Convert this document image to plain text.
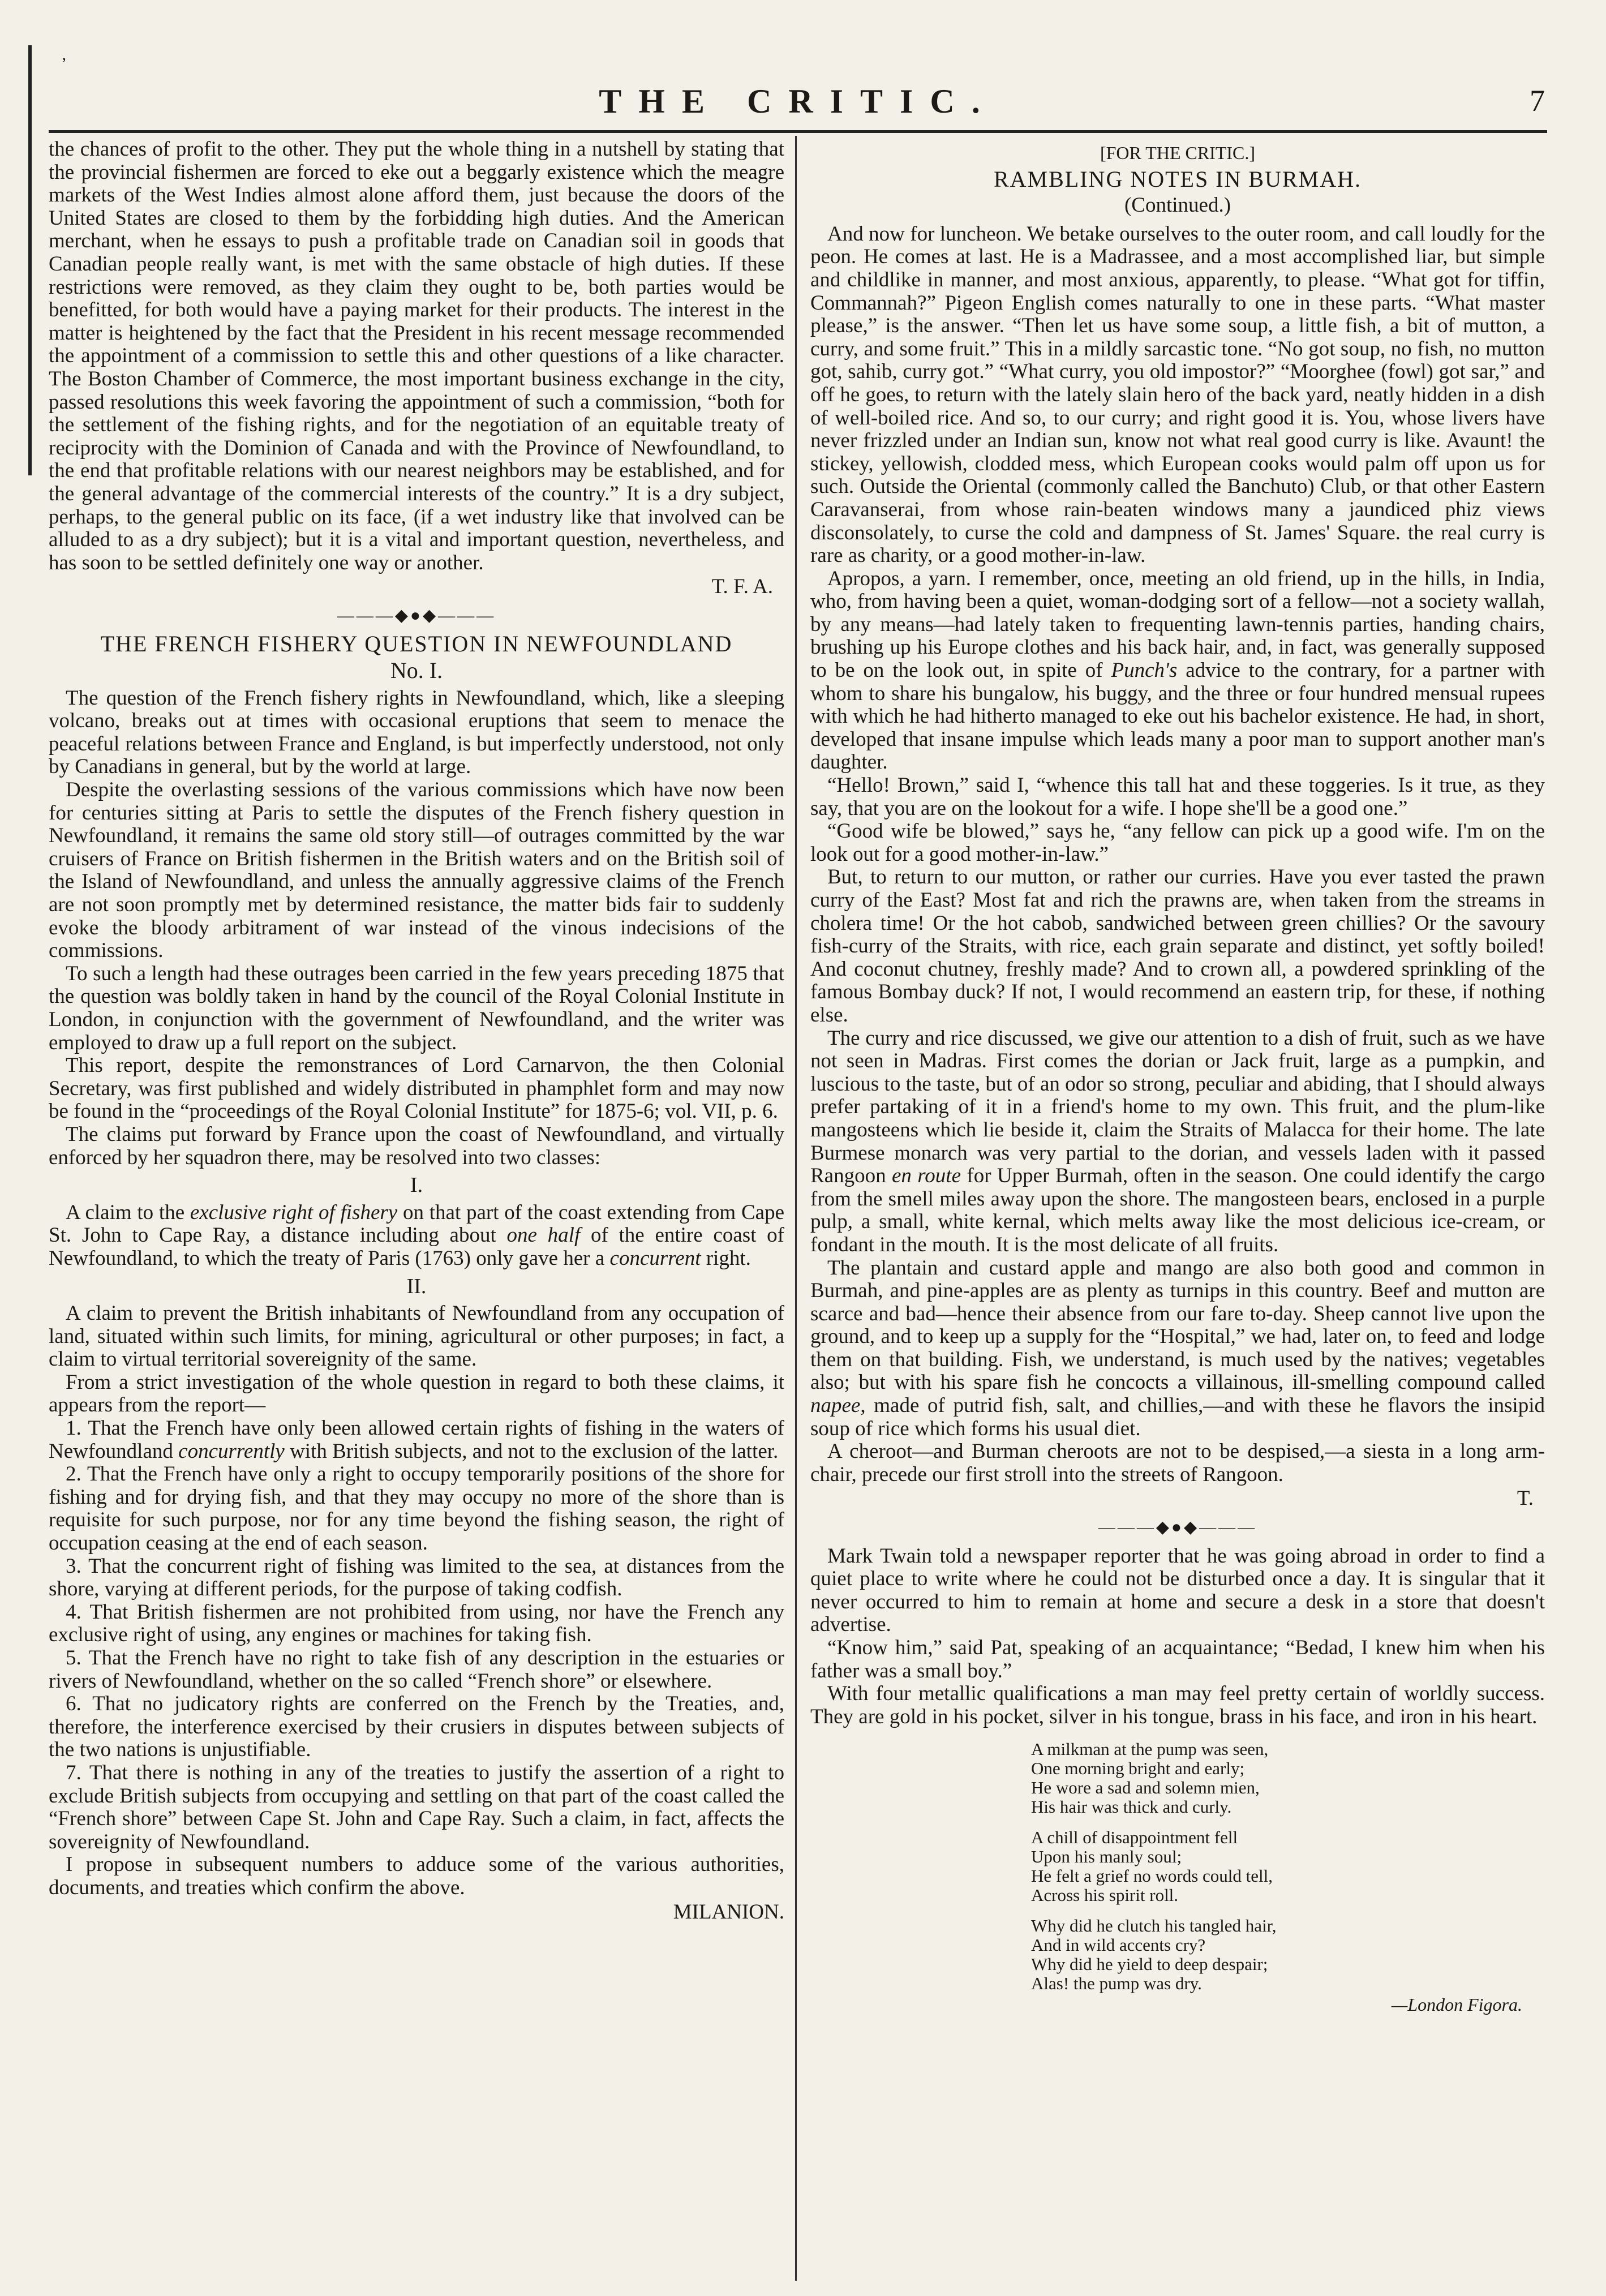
’
THE CRITIC.	7

the chances of profit to the other. They put the whole thing in a nutshell by stating that the provincial fishermen are forced to eke out a beggarly existence which the meagre markets of the West Indies almost alone afford them, just because the doors of the United States are closed to them by the forbidding high duties. And the American merchant, when he essays to push a profitable trade on Canadian soil in goods that Canadian people really want, is met with the same obstacle of high duties. If these restrictions were removed, as they claim they ought to be, both parties would be benefitted, for both would have a paying market for their products. The interest in the matter is heightened by the fact that the President in his recent message recommended the appointment of a commission to settle this and other questions of a like character. The Boston Chamber of Commerce, the most important business exchange in the city, passed resolutions this week favoring the appointment of such a commission, “both for the settlement of the fishing rights, and for the negotiation of an equitable treaty of reciprocity with the Dominion of Canada and with the Province of Newfoundland, to the end that profitable relations with our nearest neighbors may be established, and for the general advantage of the commercial interests of the country.” It is a dry subject, perhaps, to the general public on its face, (if a wet industry like that involved can be alluded to as a dry subject); but it is a vital and important question, nevertheless, and has soon to be settled definitely one way or another.

T. F. A.

———◆●◆———
THE FRENCH FISHERY QUESTION IN NEWFOUNDLAND
No. I.

The question of the French fishery rights in Newfoundland, which, like a sleeping volcano, breaks out at times with occasional eruptions that seem to menace the peaceful relations between France and England, is but imperfectly understood, not only by Canadians in general, but by the world at large.

Despite the overlasting sessions of the various commissions which have now been for centuries sitting at Paris to settle the disputes of the French fishery question in Newfoundland, it remains the same old story still—of outrages committed by the war cruisers of France on British fishermen in the British waters and on the British soil of the Island of Newfoundland, and unless the annually aggressive claims of the French are not soon promptly met by determined resistance, the matter bids fair to suddenly evoke the bloody arbitrament of war instead of the vinous indecisions of the commissions.

To such a length had these outrages been carried in the few years preceding 1875 that the question was boldly taken in hand by the council of the Royal Colonial Institute in London, in conjunction with the government of Newfoundland, and the writer was employed to draw up a full report on the subject.

This report, despite the remonstrances of Lord Carnarvon, the then Colonial Secretary, was first published and widely distributed in phamphlet form and may now be found in the “proceedings of the Royal Colonial Institute” for 1875-6; vol. VII, p. 6.

The claims put forward by France upon the coast of Newfoundland, and virtually enforced by her squadron there, may be resolved into two classes:

I.

A claim to the exclusive right of fishery on that part of the coast extending from Cape St. John to Cape Ray, a distance including about one half of the entire coast of Newfoundland, to which the treaty of Paris (1763) only gave her a concurrent right.

II.

A claim to prevent the British inhabitants of Newfoundland from any occupation of land, situated within such limits, for mining, agricultural or other purposes; in fact, a claim to virtual territorial sovereignity of the same.

From a strict investigation of the whole question in regard to both these claims, it appears from the report—

1. That the French have only been allowed certain rights of fishing in the waters of Newfoundland concurrently with British subjects, and not to the exclusion of the latter.

2. That the French have only a right to occupy temporarily positions of the shore for fishing and for drying fish, and that they may occupy no more of the shore than is requisite for such purpose, nor for any time beyond the fishing season, the right of occupation ceasing at the end of each season.

3. That the concurrent right of fishing was limited to the sea, at distances from the shore, varying at different periods, for the purpose of taking codfish.

4. That British fishermen are not prohibited from using, nor have the French any exclusive right of using, any engines or machines for taking fish.

5. That the French have no right to take fish of any description in the estuaries or rivers of Newfoundland, whether on the so called “French shore” or elsewhere.

6. That no judicatory rights are conferred on the French by the Treaties, and, therefore, the interference exercised by their crusiers in disputes between subjects of the two nations is unjustifiable.

7. That there is nothing in any of the treaties to justify the assertion of a right to exclude British subjects from occupying and settling on that part of the coast called the “French shore” between Cape St. John and Cape Ray. Such a claim, in fact, affects the sovereignity of Newfoundland.

I propose in subsequent numbers to adduce some of the various authorities, documents, and treaties which confirm the above.

MILANION.

[FOR THE CRITIC.]
RAMBLING NOTES IN BURMAH.
(Continued.)

And now for luncheon. We betake ourselves to the outer room, and call loudly for the peon. He comes at last. He is a Madrassee, and a most accomplished liar, but simple and childlike in manner, and most anxious, apparently, to please. “What got for tiffin, Commannah?” Pigeon English comes naturally to one in these parts. “What master please,” is the answer. “Then let us have some soup, a little fish, a bit of mutton, a curry, and some fruit.” This in a mildly sarcastic tone. “No got soup, no fish, no mutton got, sahib, curry got.” “What curry, you old impostor?” “Moorghee (fowl) got sar,” and off he goes, to return with the lately slain hero of the back yard, neatly hidden in a dish of well-boiled rice. And so, to our curry; and right good it is. You, whose livers have never frizzled under an Indian sun, know not what real good curry is like. Avaunt! the stickey, yellowish, clodded mess, which European cooks would palm off upon us for such. Outside the Oriental (commonly called the Banchuto) Club, or that other Eastern Caravanserai, from whose rain-beaten windows many a jaundiced phiz views disconsolately, to curse the cold and dampness of St. James' Square. the real curry is rare as charity, or a good mother-in-law.

Apropos, a yarn. I remember, once, meeting an old friend, up in the hills, in India, who, from having been a quiet, woman-dodging sort of a fellow—not a society wallah, by any means—had lately taken to frequenting lawn-tennis parties, handing chairs, brushing up his Europe clothes and his back hair, and, in fact, was generally supposed to be on the look out, in spite of Punch's advice to the contrary, for a partner with whom to share his bungalow, his buggy, and the three or four hundred mensual rupees with which he had hitherto managed to eke out his bachelor existence. He had, in short, developed that insane impulse which leads many a poor man to support another man's daughter.

“Hello! Brown,” said I, “whence this tall hat and these toggeries. Is it true, as they say, that you are on the lookout for a wife. I hope she'll be a good one.”

“Good wife be blowed,” says he, “any fellow can pick up a good wife. I'm on the look out for a good mother-in-law.”

But, to return to our mutton, or rather our curries. Have you ever tasted the prawn curry of the East? Most fat and rich the prawns are, when taken from the streams in cholera time! Or the hot cabob, sandwiched between green chillies? Or the savoury fish-curry of the Straits, with rice, each grain separate and distinct, yet softly boiled! And coconut chutney, freshly made? And to crown all, a powdered sprinkling of the famous Bombay duck? If not, I would recommend an eastern trip, for these, if nothing else.

The curry and rice discussed, we give our attention to a dish of fruit, such as we have not seen in Madras. First comes the dorian or Jack fruit, large as a pumpkin, and luscious to the taste, but of an odor so strong, peculiar and abiding, that I should always prefer partaking of it in a friend's home to my own. This fruit, and the plum-like mangosteens which lie beside it, claim the Straits of Malacca for their home. The late Burmese monarch was very partial to the dorian, and vessels laden with it passed Rangoon en route for Upper Burmah, often in the season. One could identify the cargo from the smell miles away upon the shore. The mangosteen bears, enclosed in a purple pulp, a small, white kernal, which melts away like the most delicious ice-cream, or fondant in the mouth. It is the most delicate of all fruits.

The plantain and custard apple and mango are also both good and common in Burmah, and pine-apples are as plenty as turnips in this country. Beef and mutton are scarce and bad—hence their absence from our fare to-day. Sheep cannot live upon the ground, and to keep up a supply for the “Hospital,” we had, later on, to feed and lodge them on that building. Fish, we understand, is much used by the natives; vegetables also; but with his spare fish he concocts a villainous, ill-smelling compound called napee, made of putrid fish, salt, and chillies,—and with these he flavors the insipid soup of rice which forms his usual diet.

A cheroot—and Burman cheroots are not to be despised,—a siesta in a long arm-chair, precede our first stroll into the streets of Rangoon.

T.

———◆●◆———

Mark Twain told a newspaper reporter that he was going abroad in order to find a quiet place to write where he could not be disturbed once a day. It is singular that it never occurred to him to remain at home and secure a desk in a store that doesn't advertise.

“Know him,” said Pat, speaking of an acquaintance; “Bedad, I knew him when his father was a small boy.”

With four metallic qualifications a man may feel pretty certain of worldly success. They are gold in his pocket, silver in his tongue, brass in his face, and iron in his heart.

A milkman at the pump was seen,
One morning bright and early;
He wore a sad and solemn mien,
His hair was thick and curly.
A chill of disappointment fell
Upon his manly soul;
He felt a grief no words could tell,
Across his spirit roll.
Why did he clutch his tangled hair,
And in wild accents cry?
Why did he yield to deep despair;
Alas! the pump was dry.
—London Figora.
